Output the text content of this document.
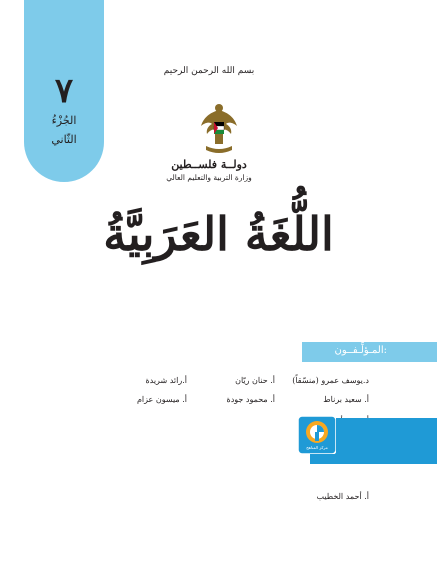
٧
الجُزْءُ
الثّاني
بسم الله الرحمن الرحيم
دولــة فلســطين
وزارة التربية والتعليم العالي
اللُّغَةُ العَرَبِيَّةُ
المـؤلِّـفــون:
د.يوسف عمرو (منسّقاً)
أ. حنان ريّان
أ.رائد شريدة
أ. سعيد برناط
أ. محمود جودة
أ. ميسون عزام
أ. أحمد الخطيب
مركز المناهج
